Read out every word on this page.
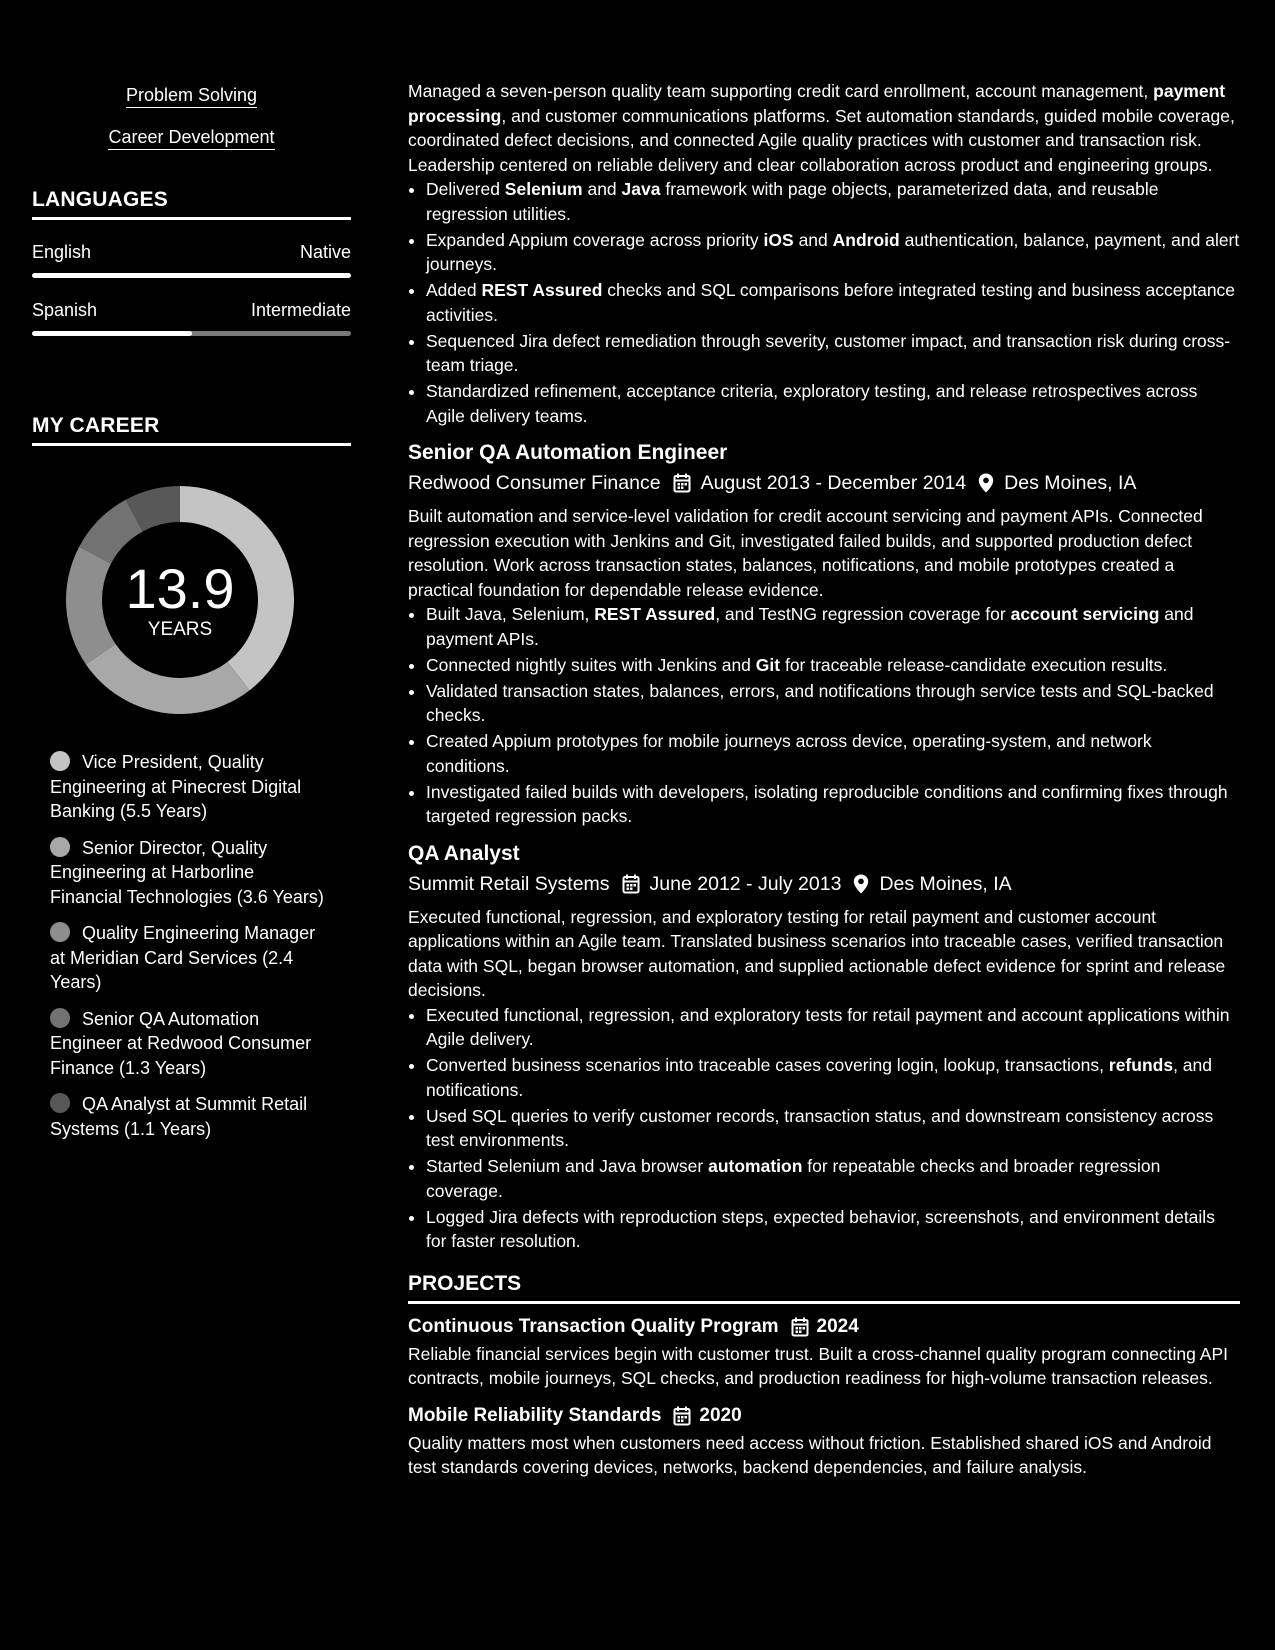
Problem Solving
Career Development
LANGUAGES
English	Native
Spanish	Intermediate
MY CAREER
13.9
YEARS
Vice President, Quality Engineering at Pinecrest Digital Banking (5.5 Years)
Senior Director, Quality Engineering at Harborline Financial Technologies (3.6 Years)
Quality Engineering Manager at Meridian Card Services (2.4 Years)
Senior QA Automation Engineer at Redwood Consumer Finance (1.3 Years)
QA Analyst at Summit Retail Systems (1.1 Years)

Managed a seven-person quality team supporting credit card enrollment, account management, payment processing, and customer communications platforms. Set automation standards, guided mobile coverage, coordinated defect decisions, and connected Agile quality practices with customer and transaction risk. Leadership centered on reliable delivery and clear collaboration across product and engineering groups.

• Delivered Selenium and Java framework with page objects, parameterized data, and reusable regression utilities.
• Expanded Appium coverage across priority iOS and Android authentication, balance, payment, and alert journeys.
• Added REST Assured checks and SQL comparisons before integrated testing and business acceptance activities.
• Sequenced Jira defect remediation through severity, customer impact, and transaction risk during cross-team triage.
• Standardized refinement, acceptance criteria, exploratory testing, and release retrospectives across Agile delivery teams.
Senior QA Automation Engineer
Redwood Consumer Finance August 2013 - December 2014 Des Moines, IA

Built automation and service-level validation for credit account servicing and payment APIs. Connected regression execution with Jenkins and Git, investigated failed builds, and supported production defect resolution. Work across transaction states, balances, notifications, and mobile prototypes created a practical foundation for dependable release evidence.

• Built Java, Selenium, REST Assured, and TestNG regression coverage for account servicing and payment APIs.
• Connected nightly suites with Jenkins and Git for traceable release-candidate execution results.
• Validated transaction states, balances, errors, and notifications through service tests and SQL-backed checks.
• Created Appium prototypes for mobile journeys across device, operating-system, and network conditions.
• Investigated failed builds with developers, isolating reproducible conditions and confirming fixes through targeted regression packs.
QA Analyst
Summit Retail Systems June 2012 - July 2013 Des Moines, IA

Executed functional, regression, and exploratory testing for retail payment and customer account applications within an Agile team. Translated business scenarios into traceable cases, verified transaction data with SQL, began browser automation, and supplied actionable defect evidence for sprint and release decisions.

• Executed functional, regression, and exploratory tests for retail payment and account applications within Agile delivery.
• Converted business scenarios into traceable cases covering login, lookup, transactions, refunds, and notifications.
• Used SQL queries to verify customer records, transaction status, and downstream consistency across test environments.
• Started Selenium and Java browser automation for repeatable checks and broader regression coverage.
• Logged Jira defects with reproduction steps, expected behavior, screenshots, and environment details for faster resolution.
PROJECTS
Continuous Transaction Quality Program 2024

Reliable financial services begin with customer trust. Built a cross-channel quality program connecting API contracts, mobile journeys, SQL checks, and production readiness for high-volume transaction releases.

Mobile Reliability Standards 2020

Quality matters most when customers need access without friction. Established shared iOS and Android test standards covering devices, networks, backend dependencies, and failure analysis.
